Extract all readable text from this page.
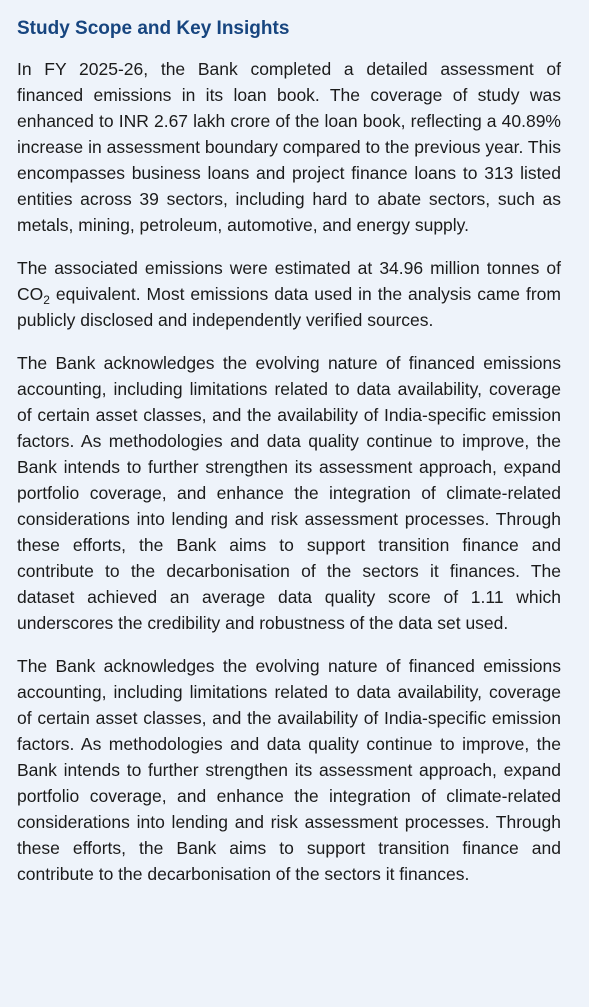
Study Scope and Key Insights

In FY 2025-26, the Bank completed a detailed assessment of financed emissions in its loan book. The coverage of study was enhanced to INR 2.67 lakh crore of the loan book, reflecting a 40.89% increase in assessment boundary compared to the previous year. This encompasses business loans and project finance loans to 313 listed entities across 39 sectors, including hard to abate sectors, such as metals, mining, petroleum, automotive, and energy supply.

The associated emissions were estimated at 34.96 million tonnes of $CO_2$ equivalent. Most emissions data used in the analysis came from publicly disclosed and independently verified sources.

The Bank acknowledges the evolving nature of financed emissions accounting, including limitations related to data availability, coverage of certain asset classes, and the availability of India-specific emission factors. As methodologies and data quality continue to improve, the Bank intends to further strengthen its assessment approach, expand portfolio coverage, and enhance the integration of climate-related considerations into lending and risk assessment processes. Through these efforts, the Bank aims to support transition finance and contribute to the decarbonisation of the sectors it finances. The dataset achieved an average data quality score of 1.11 which underscores the credibility and robustness of the data set used.

The Bank acknowledges the evolving nature of financed emissions accounting, including limitations related to data availability, coverage of certain asset classes, and the availability of India-specific emission factors. As methodologies and data quality continue to improve, the Bank intends to further strengthen its assessment approach, expand portfolio coverage, and enhance the integration of climate-related considerations into lending and risk assessment processes. Through these efforts, the Bank aims to support transition finance and contribute to the decarbonisation of the sectors it finances.
